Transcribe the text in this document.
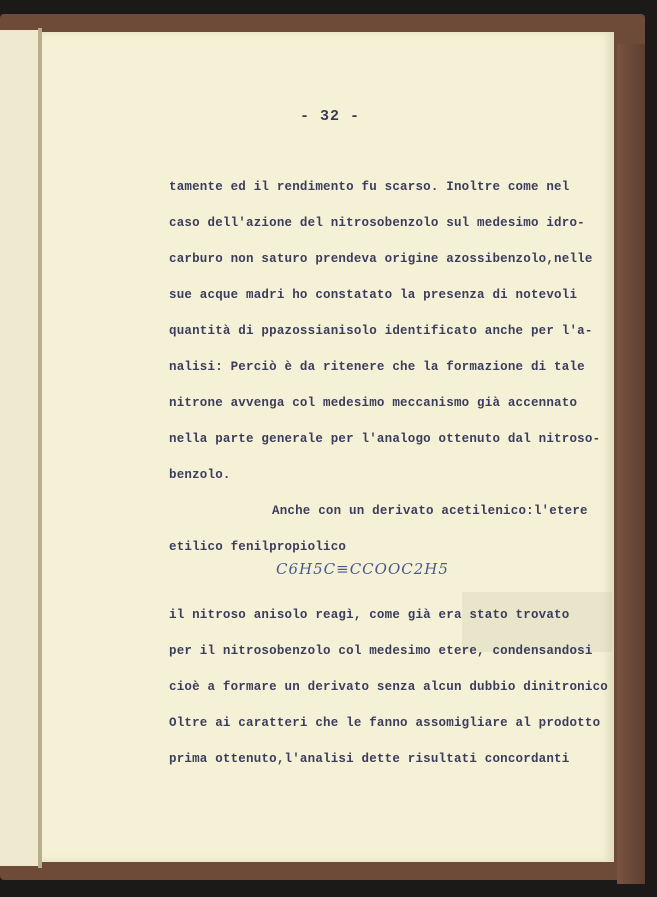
- 32 -
tamente ed il rendimento fu scarso. Inoltre come nel
caso dell'azione del nitrosobenzolo sul medesimo idro-
carburo non saturo prendeva origine azossibenzolo,nelle
sue acque madri ho constatato la presenza di notevoli
quantità di ppazossianisolo identificato anche per l'a-
nalisi: Perciò è da ritenere che la formazione di tale
nitrone avvenga col medesimo meccanismo già accennato
nella parte generale per l'analogo ottenuto dal nitroso-
benzolo.
Anche con un derivato acetilenico:l'etere
etilico fenilpropiolico
C6H5C≡CCOOC2H5
il nitroso anisolo reagì, come già era stato trovato
per il nitrosobenzolo col medesimo etere, condensandosi
cioè a formare un derivato senza alcun dubbio dinitronico
Oltre ai caratteri che le fanno assomigliare al prodotto
prima ottenuto,l'analisi dette risultati concordanti
